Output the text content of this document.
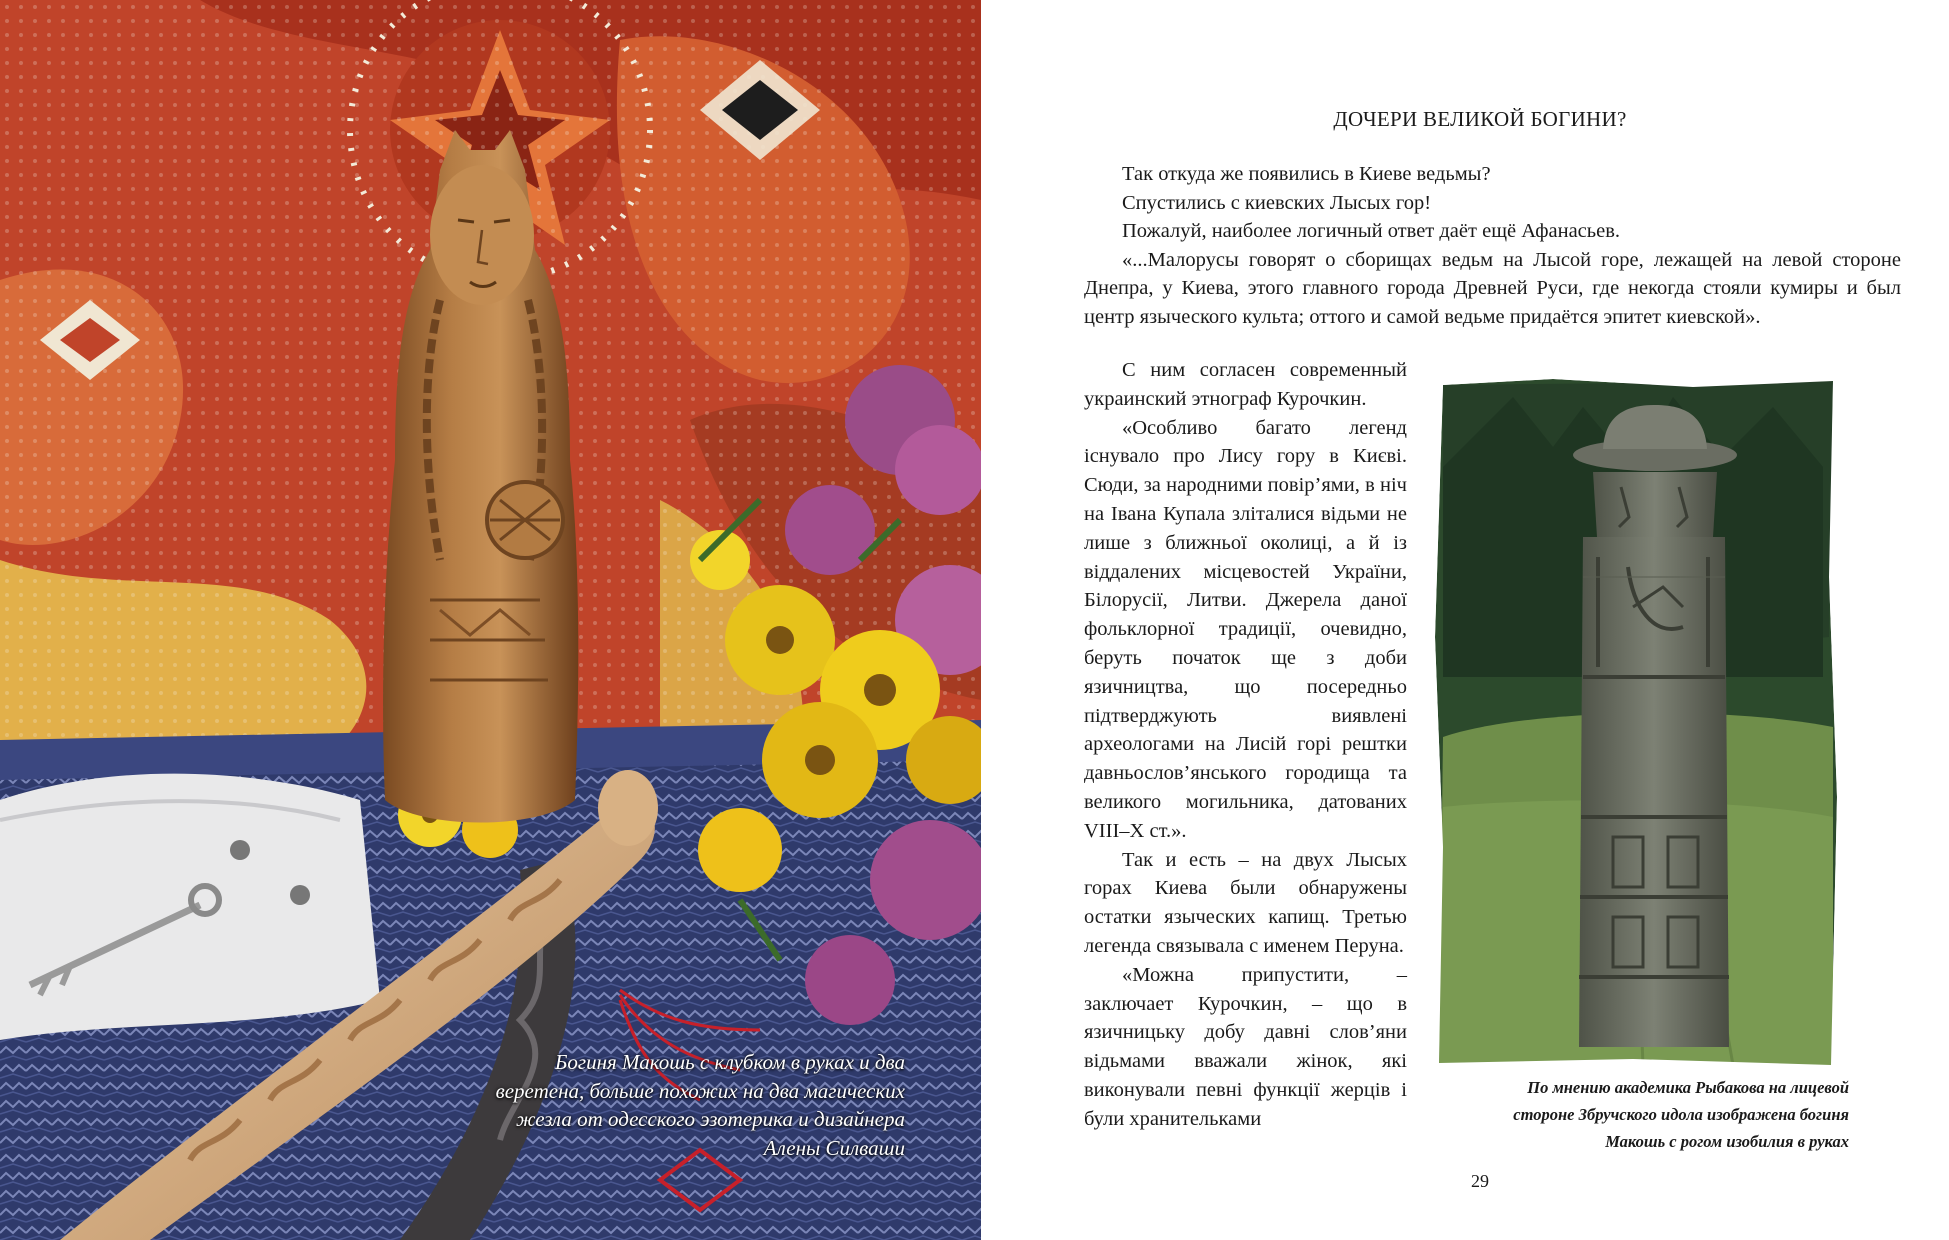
Богиня Макошь с клубком в руках и два
веретена, больше похожих на два магических
жезла от одесского эзотерика и дизайнера
Алены Силваши
ДОЧЕРИ ВЕЛИКОЙ БОГИНИ?

Так откуда же появились в Киеве ведьмы?

Спустились с киевских Лысых гор!

Пожалуй, наиболее логичный ответ даёт ещё Афанасьев.

«...Малорусы говорят о сборищах ведьм на Лысой горе, лежащей на левой стороне Днепра, у Киева, этого главного города Древней Руси, где некогда стояли кумиры и был центр языческого культа; оттого и самой ведьме придаётся эпитет киевской».

С ним согласен современный украинский этнограф Курочкин.

«Особливо багато легенд існувало про Лису гору в Києві. Сюди, за народними повір’ями, в ніч на Івана Купала зліталися відьми не лише з ближньої околиці, а й із віддалених місцевостей України, Білорусії, Литви. Джерела даної фольклорної традиції, очевидно, беруть початок ще з доби язичництва, що посередньо підтверджують виявлені археологами на Лисій горі рештки давньослов’янського городища та великого могильника, датованих VIII–X ст.».

Так и есть – на двух Лысых горах Киева были обнаружены остатки языческих капищ. Третью легенда связывала с именем Перуна.

«Можна припустити, – заключает Курочкин, – що в язичницьку добу давні слов’яни відьмами вважали жінок, які виконували певні функції жерців і були хранительками

По мнению академика Рыбакова на лицевой
стороне Збручского идола изображена богиня
Макошь с рогом изобилия в руках
29
